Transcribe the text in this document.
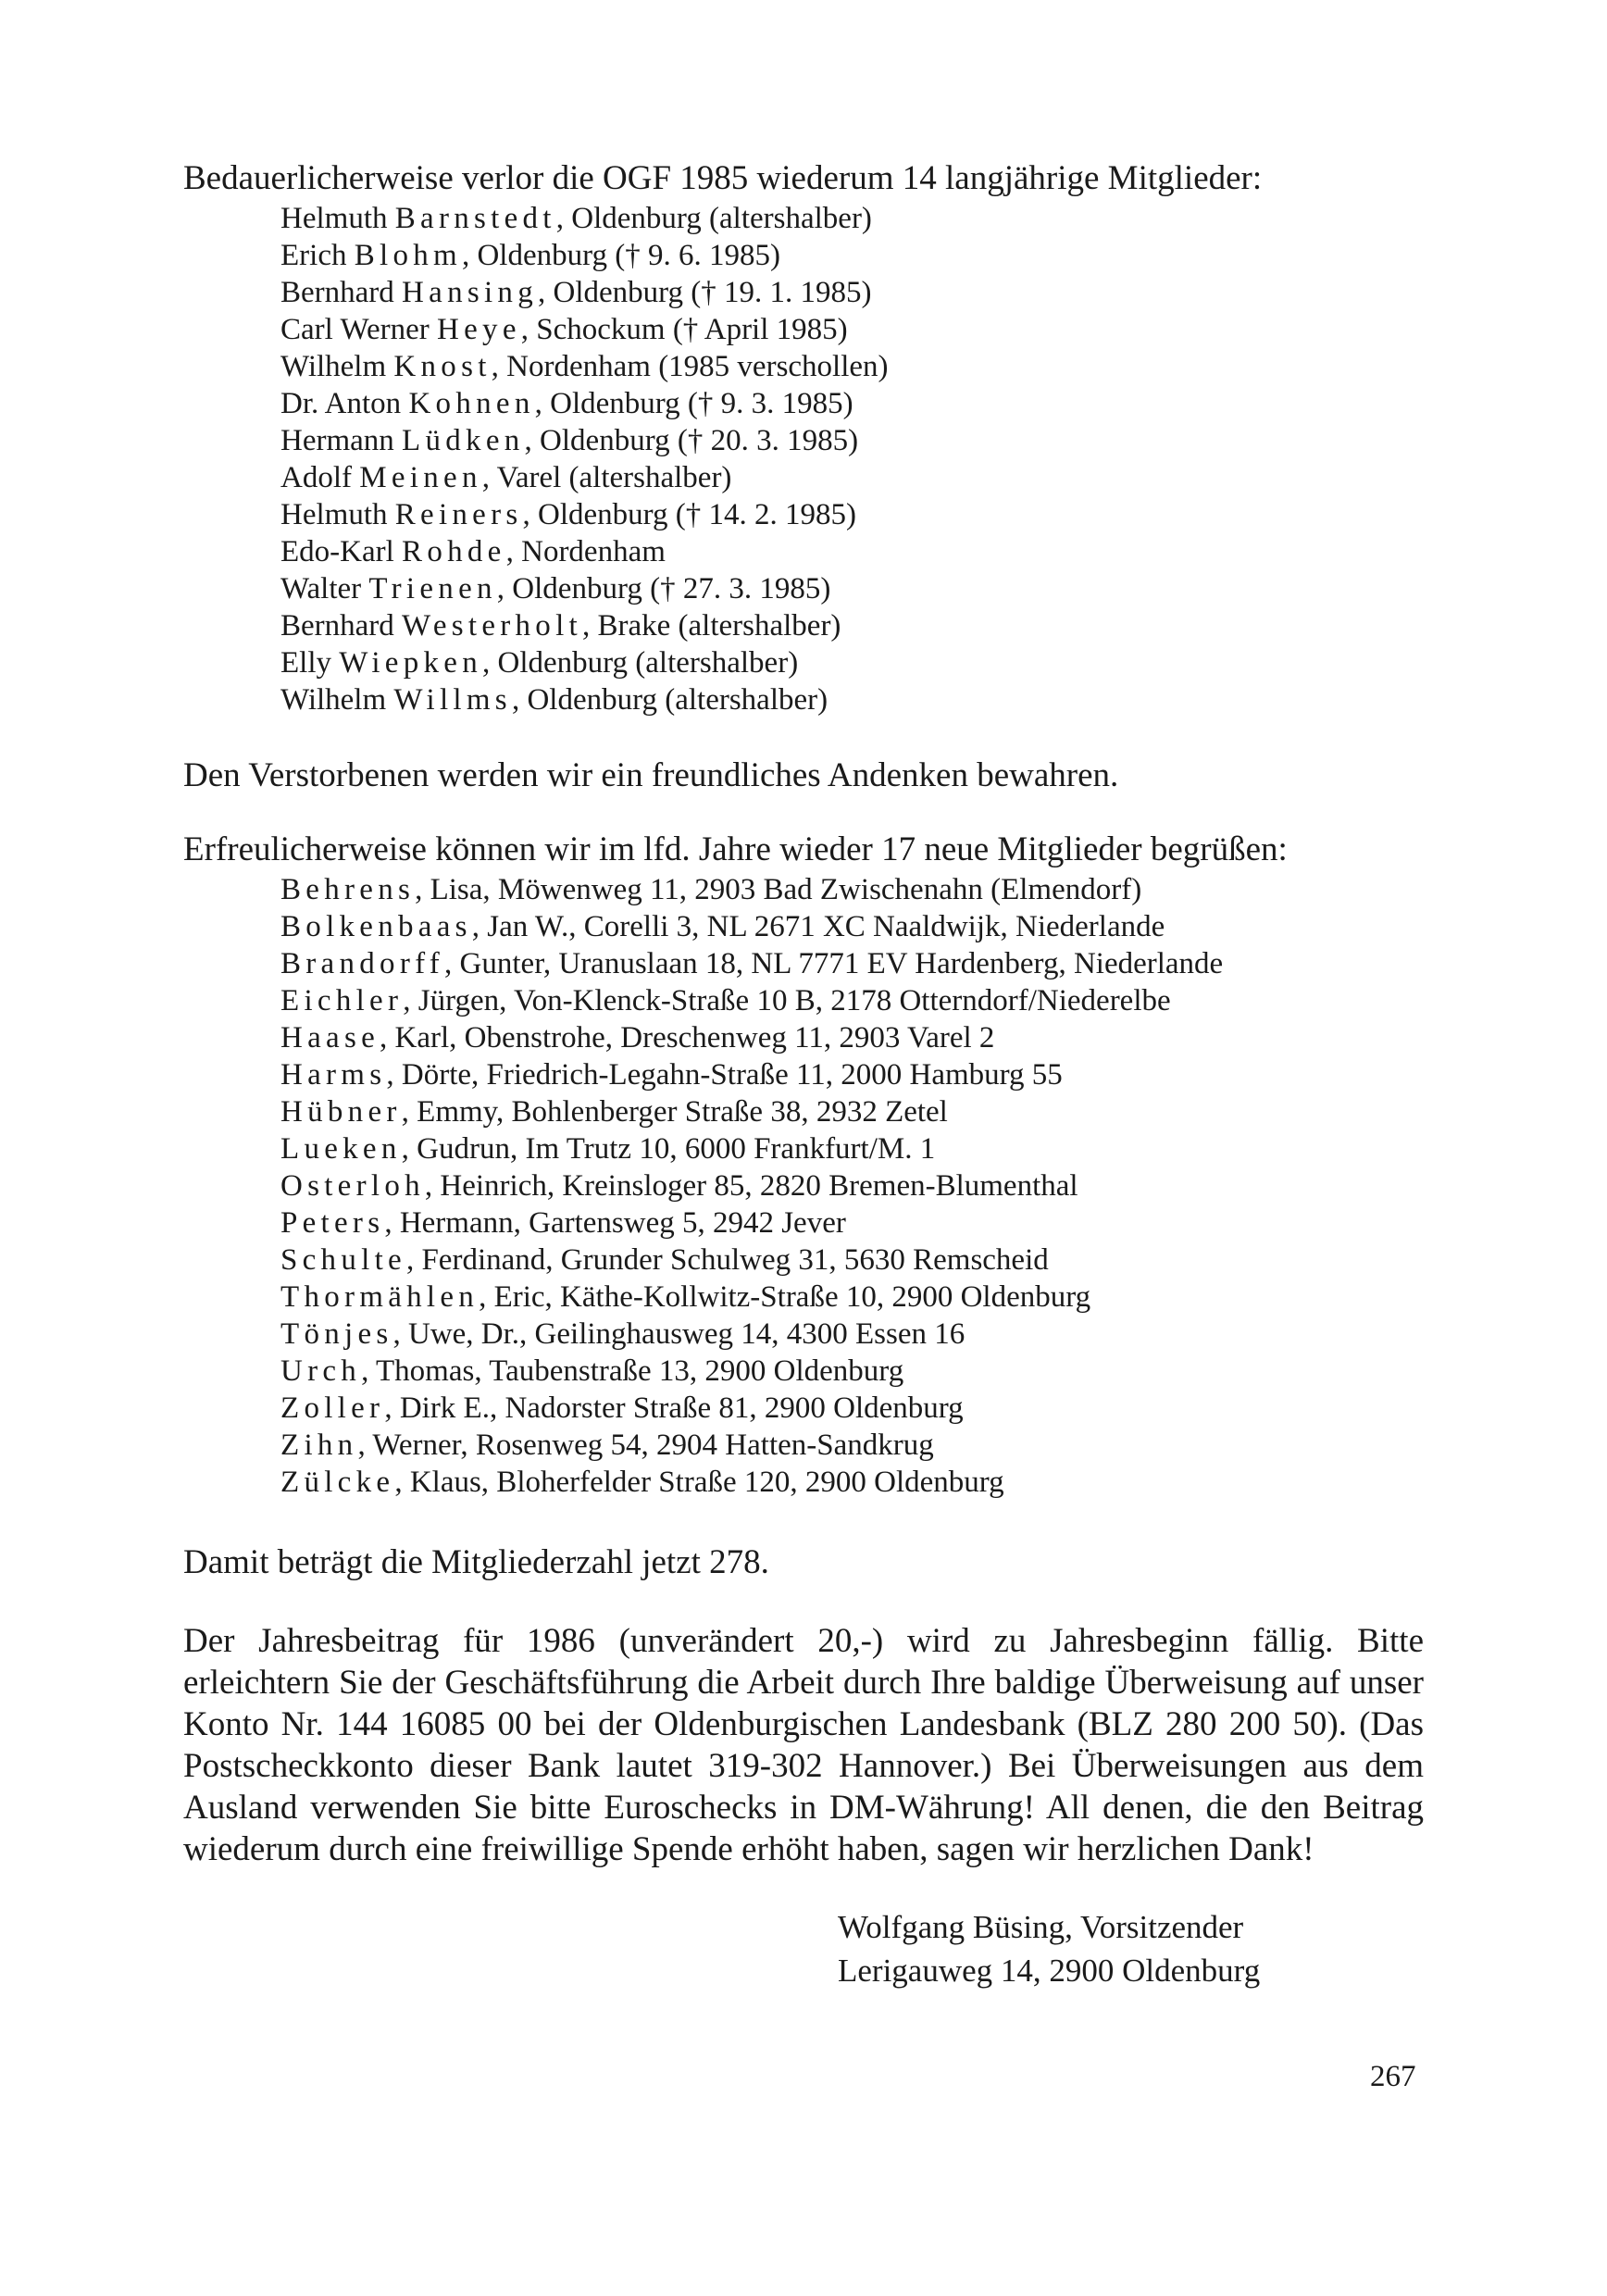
Bedauerlicherweise verlor die OGF 1985 wiederum 14 langjährige Mitglieder:

Helmuth Barnstedt, Oldenburg (altershalber)
Erich Blohm, Oldenburg († 9. 6. 1985)
Bernhard Hansing, Oldenburg († 19. 1. 1985)
Carl Werner Heye, Schockum († April 1985)
Wilhelm Knost, Nordenham (1985 verschollen)
Dr. Anton Kohnen, Oldenburg († 9. 3. 1985)
Hermann Lüdken, Oldenburg († 20. 3. 1985)
Adolf Meinen, Varel (altershalber)
Helmuth Reiners, Oldenburg († 14. 2. 1985)
Edo-Karl Rohde, Nordenham
Walter Trienen, Oldenburg († 27. 3. 1985)
Bernhard Westerholt, Brake (altershalber)
Elly Wiepken, Oldenburg (altershalber)
Wilhelm Willms, Oldenburg (altershalber)

Den Verstorbenen werden wir ein freundliches Andenken bewahren.

Erfreulicherweise können wir im lfd. Jahre wieder 17 neue Mitglieder begrüßen:

Behrens, Lisa, Möwenweg 11, 2903 Bad Zwischenahn (Elmendorf)
Bolkenbaas, Jan W., Corelli 3, NL 2671 XC Naaldwijk, Niederlande
Brandorff, Gunter, Uranuslaan 18, NL 7771 EV Hardenberg, Niederlande
Eichler, Jürgen, Von-Klenck-Straße 10 B, 2178 Otterndorf/Niederelbe
Haase, Karl, Obenstrohe, Dreschenweg 11, 2903 Varel 2
Harms, Dörte, Friedrich-Legahn-Straße 11, 2000 Hamburg 55
Hübner, Emmy, Bohlenberger Straße 38, 2932 Zetel
Lueken, Gudrun, Im Trutz 10, 6000 Frankfurt/M. 1
Osterloh, Heinrich, Kreinsloger 85, 2820 Bremen-Blumenthal
Peters, Hermann, Gartensweg 5, 2942 Jever
Schulte, Ferdinand, Grunder Schulweg 31, 5630 Remscheid
Thormählen, Eric, Käthe-Kollwitz-Straße 10, 2900 Oldenburg
Tönjes, Uwe, Dr., Geilinghausweg 14, 4300 Essen 16
Urch, Thomas, Taubenstraße 13, 2900 Oldenburg
Zoller, Dirk E., Nadorster Straße 81, 2900 Oldenburg
Zihn, Werner, Rosenweg 54, 2904 Hatten-Sandkrug
Zülcke, Klaus, Bloherfelder Straße 120, 2900 Oldenburg

Damit beträgt die Mitgliederzahl jetzt 278.

Der Jahresbeitrag für 1986 (unverändert 20,-) wird zu Jahresbeginn fällig. Bitte erleichtern Sie der Geschäftsführung die Arbeit durch Ihre baldige Überweisung auf unser Konto Nr. 144 16085 00 bei der Oldenburgischen Landesbank (BLZ 280 200 50). (Das Postscheckkonto dieser Bank lautet 319-302 Hannover.) Bei Überweisungen aus dem Ausland verwenden Sie bitte Euroschecks in DM-Währung! All denen, die den Beitrag wiederum durch eine freiwillige Spende erhöht haben, sagen wir herzlichen Dank!

Wolfgang Büsing, Vorsitzender
Lerigauweg 14, 2900 Oldenburg
267
